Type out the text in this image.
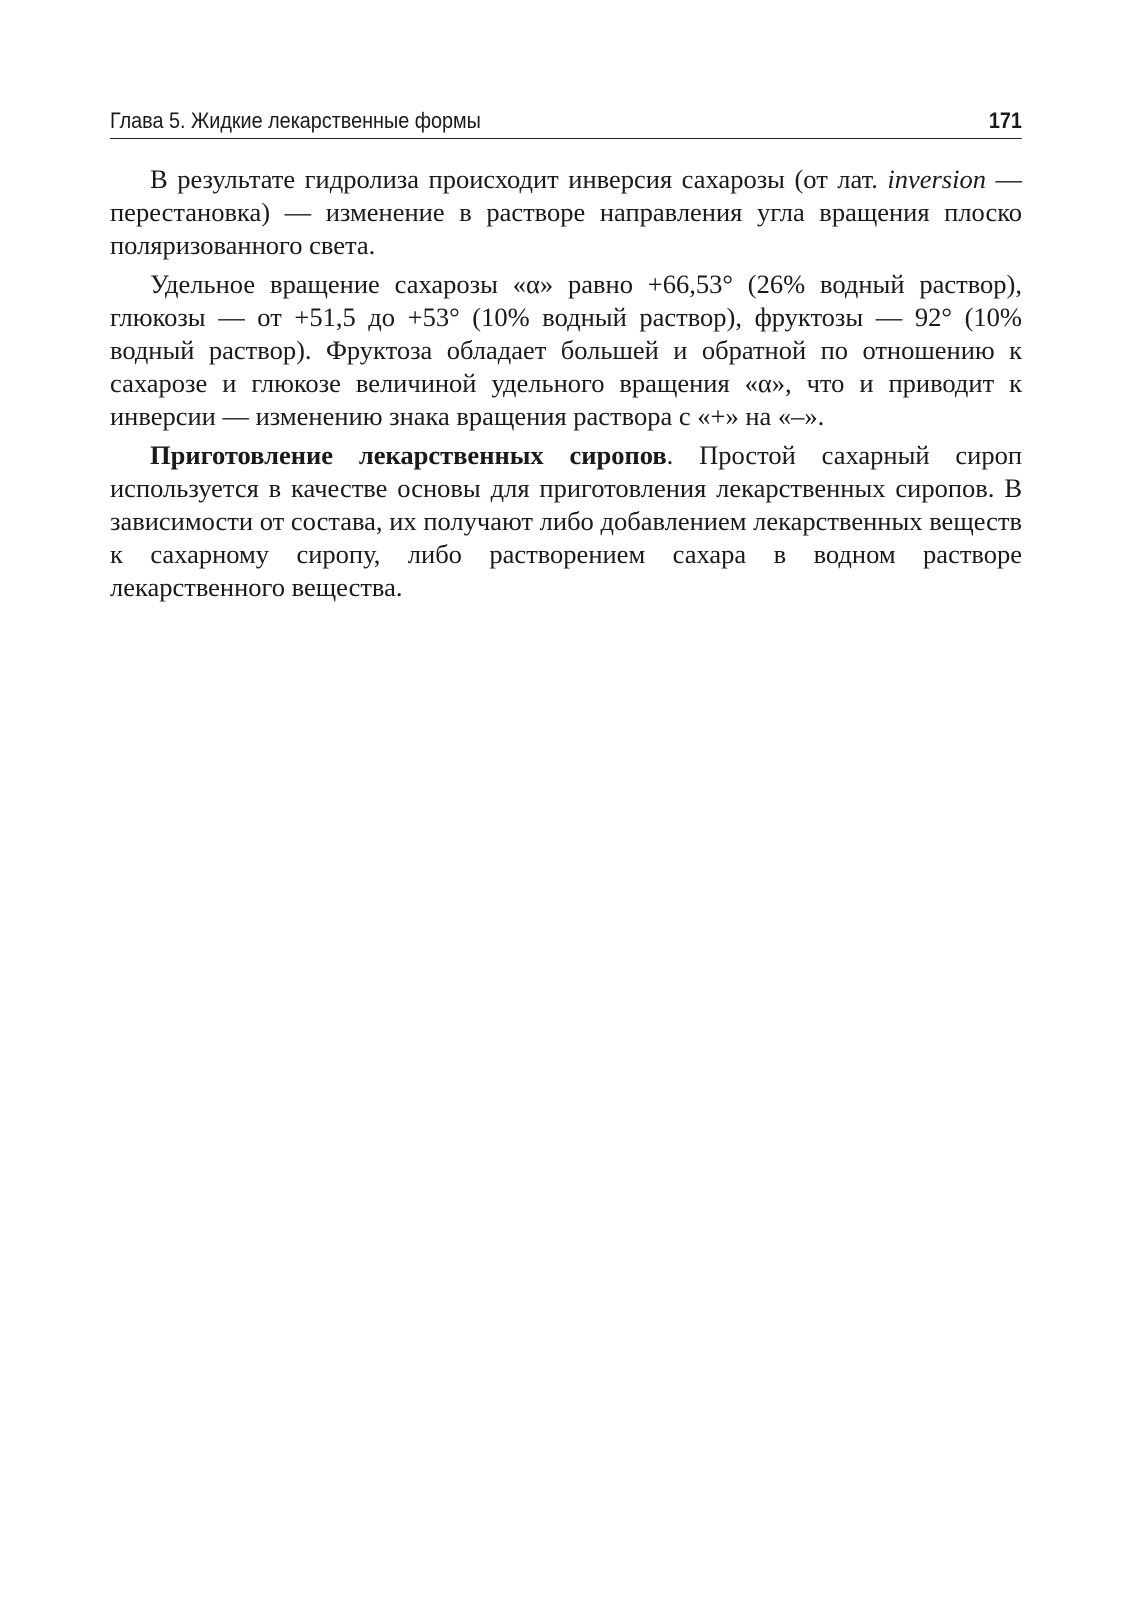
Глава 5. Жидкие лекарственные формы	171

В результате гидролиза происходит инверсия сахарозы (от лат. inversion — перестановка) — изменение в растворе направления угла вращения плоско поляризованного света.

Удельное вращение сахарозы «α» равно +66,53° (26% водный раствор), глюкозы — от +51,5 до +53° (10% водный раствор), фруктозы — 92° (10% водный раствор). Фруктоза обладает большей и обратной по отношению к сахарозе и глюкозе величиной удельного вращения «α», что и приводит к инверсии — изменению знака вращения раствора с «+» на «–».

Приготовление лекарственных сиропов. Простой сахарный сироп используется в качестве основы для приготовления лекарственных сиропов. В зависимости от состава, их получают либо добавлением лекарственных веществ к сахарному сиропу, либо растворением сахара в водном растворе лекарственного вещества.
